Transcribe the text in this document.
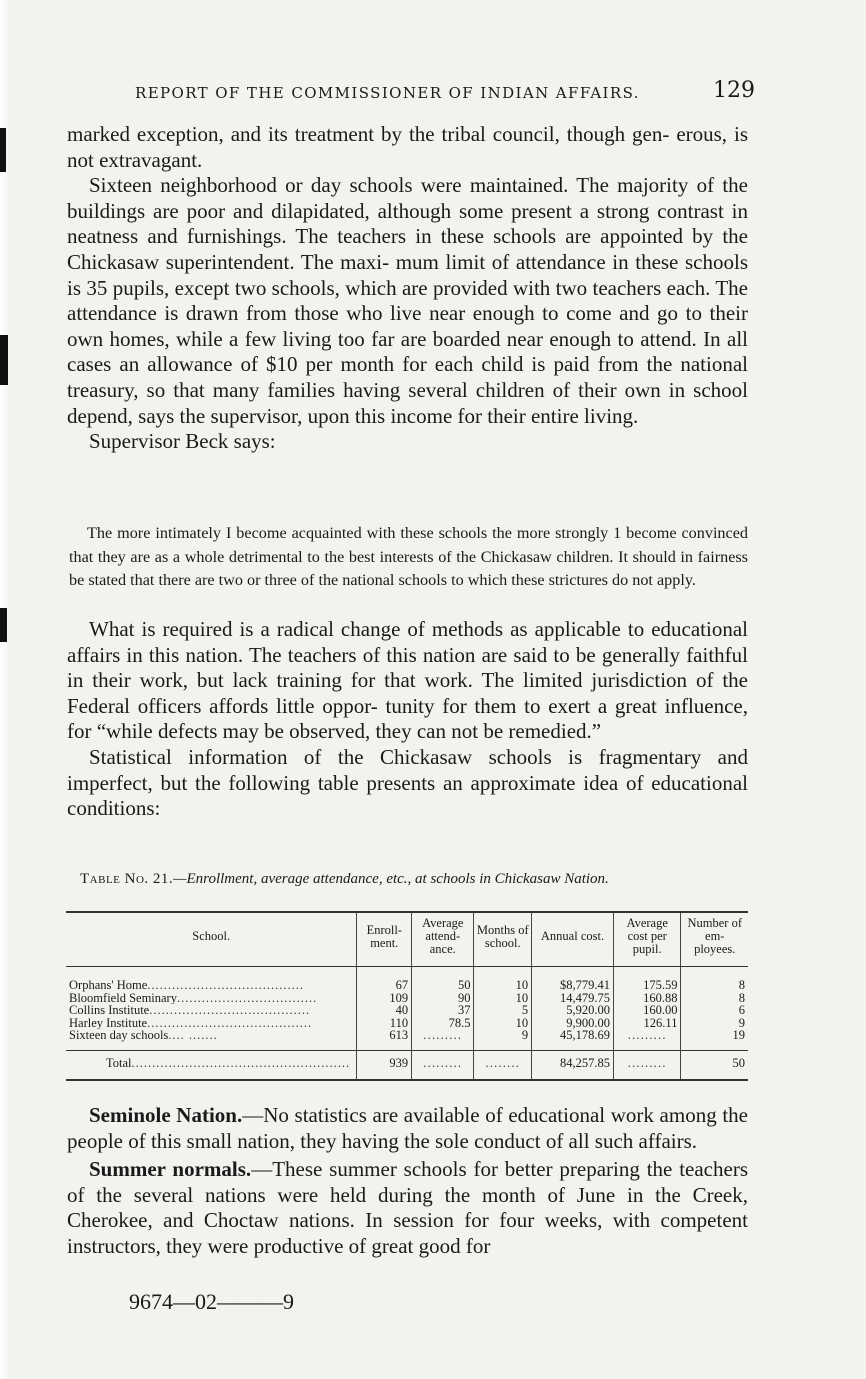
REPORT OF THE COMMISSIONER OF INDIAN AFFAIRS.	129

marked exception, and its treatment by the tribal council, though gen- erous, is not extravagant.

Sixteen neighborhood or day schools were maintained. The majority of the buildings are poor and dilapidated, although some present a strong contrast in neatness and furnishings. The teachers in these schools are appointed by the Chickasaw superintendent. The maxi- mum limit of attendance in these schools is 35 pupils, except two schools, which are provided with two teachers each. The attendance is drawn from those who live near enough to come and go to their own homes, while a few living too far are boarded near enough to attend. In all cases an allowance of $10 per month for each child is paid from the national treasury, so that many families having several children of their own in school depend, says the supervisor, upon this income for their entire living.

Supervisor Beck says:

The more intimately I become acquainted with these schools the more strongly 1 become convinced that they are as a whole detrimental to the best interests of the Chickasaw children. It should in fairness be stated that there are two or three of the national schools to which these strictures do not apply.

What is required is a radical change of methods as applicable to educational affairs in this nation. The teachers of this nation are said to be generally faithful in their work, but lack training for that work. The limited jurisdiction of the Federal officers affords little oppor- tunity for them to exert a great influence, for “while defects may be observed, they can not be remedied.”

Statistical information of the Chickasaw schools is fragmentary and imperfect, but the following table presents an approximate idea of educational conditions:

Table No. 21.—Enrollment, average attendance, etc., at schools in Chickasaw Nation.
School.	Enroll- ment.	Average attend- ance.	Months of school.	Annual cost.	Average cost per pupil.	Number of em- ployees.
Orphans' Home......................................	67	50	10	$8,779.41	175.59	8
Bloomfield Seminary..................................	109	90	10	14,479.75	160.88	8
Collins Institute.......................................	40	37	5	5,920.00	160.00	6
Harley Institute........................................	110	78.5	10	9,900.00	126.11	9
Sixteen day schools.... .......	613	.........	9	45,178.69	.........	19
Total.....................................................	939	.........	........	84,257.85	.........	50

Seminole Nation.—No statistics are available of educational work among the people of this small nation, they having the sole conduct of all such affairs.

Summer normals.—These summer schools for better preparing the teachers of the several nations were held during the month of June in the Creek, Cherokee, and Choctaw nations. In session for four weeks, with competent instructors, they were productive of great good for

9674—02———9
